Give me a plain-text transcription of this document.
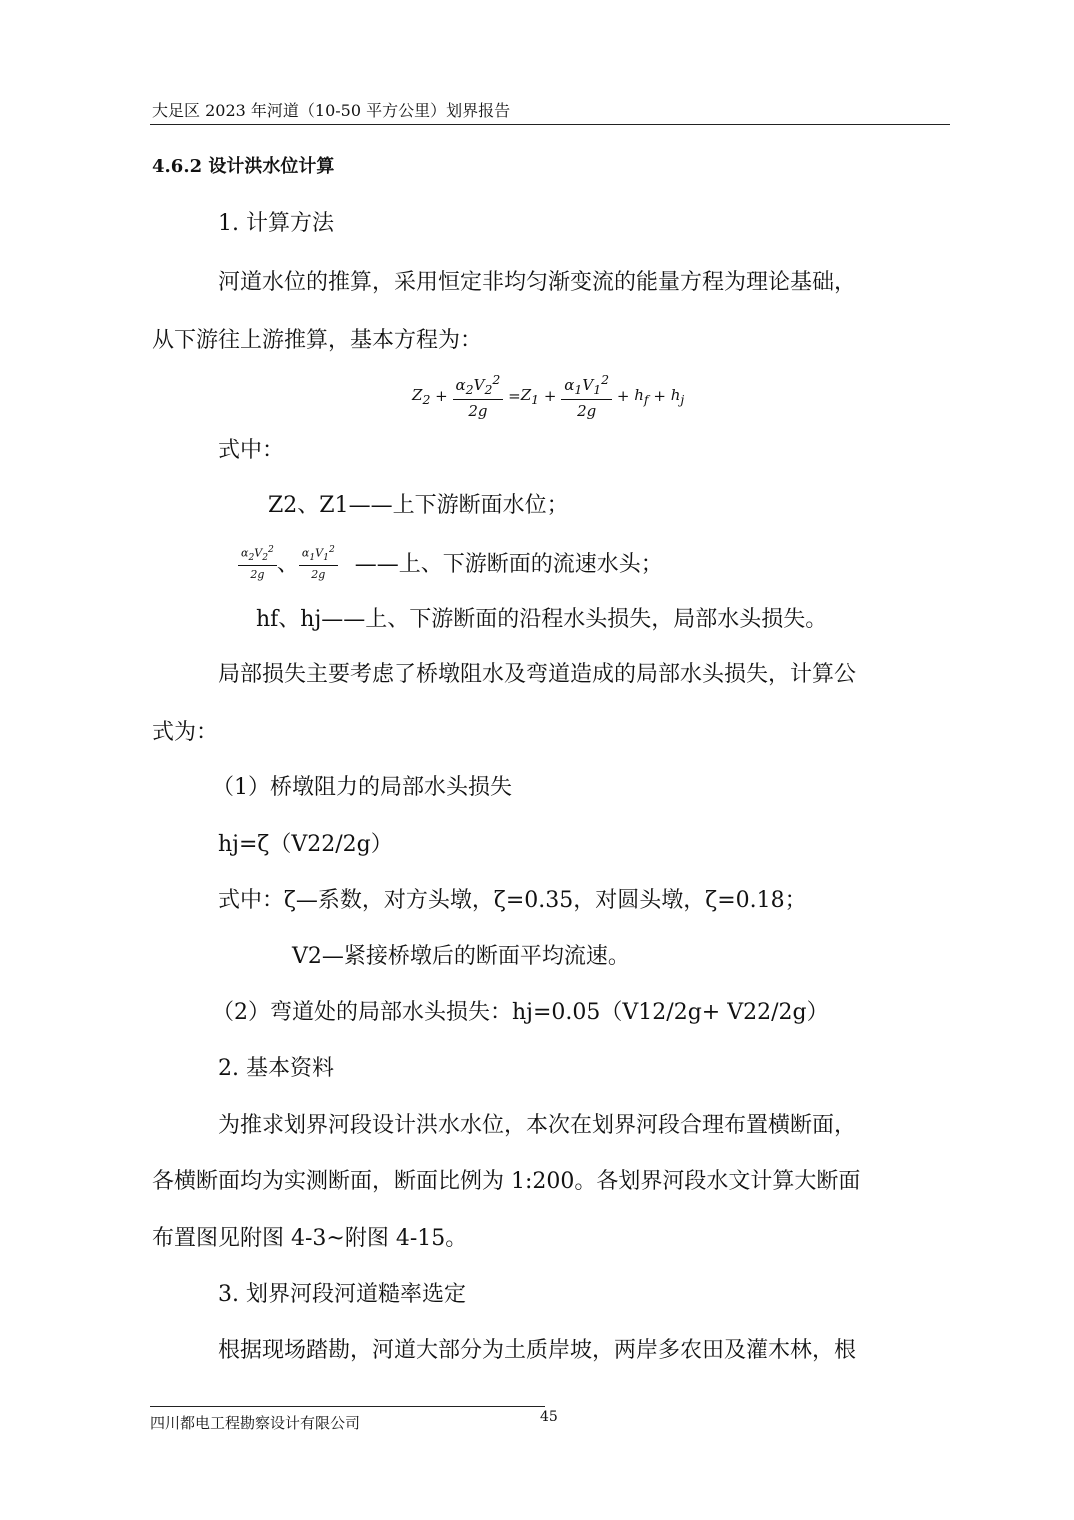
大足区 2023 年河道（10-50 平方公里）划界报告
4.6.2 设计洪水位计算
1. 计算方法
河道水位的推算，采用恒定非均匀渐变流的能量方程为理论基础，
从下游往上游推算，基本方程为：
$Z_2 + \frac{\alpha_2V_2^2}{2g} =Z_1 + \frac{\alpha_1V_1^2}{2g} + h_f + h_j$
式中：
Z2、Z1——上下游断面水位；
$\frac{\alpha_2V_2^2}{2g}$ 、 $\frac{\alpha_1V_1^2}{2g}$ ——上、下游断面的流速水头；
hf、hj——上、下游断面的沿程水头损失，局部水头损失。
局部损失主要考虑了桥墩阻水及弯道造成的局部水头损失，计算公
式为：
（1）桥墩阻力的局部水头损失
hj=ζ（V22/2g）
式中：ζ—系数，对方头墩，ζ=0.35，对圆头墩，ζ=0.18；
V2—紧接桥墩后的断面平均流速。
（2）弯道处的局部水头损失：hj=0.05（V12/2g+ V22/2g）
2. 基本资料
为推求划界河段设计洪水水位，本次在划界河段合理布置横断面，
各横断面均为实测断面，断面比例为 1:200。各划界河段水文计算大断面
布置图见附图 4-3~附图 4-15。
3. 划界河段河道糙率选定
根据现场踏勘，河道大部分为土质岸坡，两岸多农田及灌木林，根
四川都电工程勘察设计有限公司	45
